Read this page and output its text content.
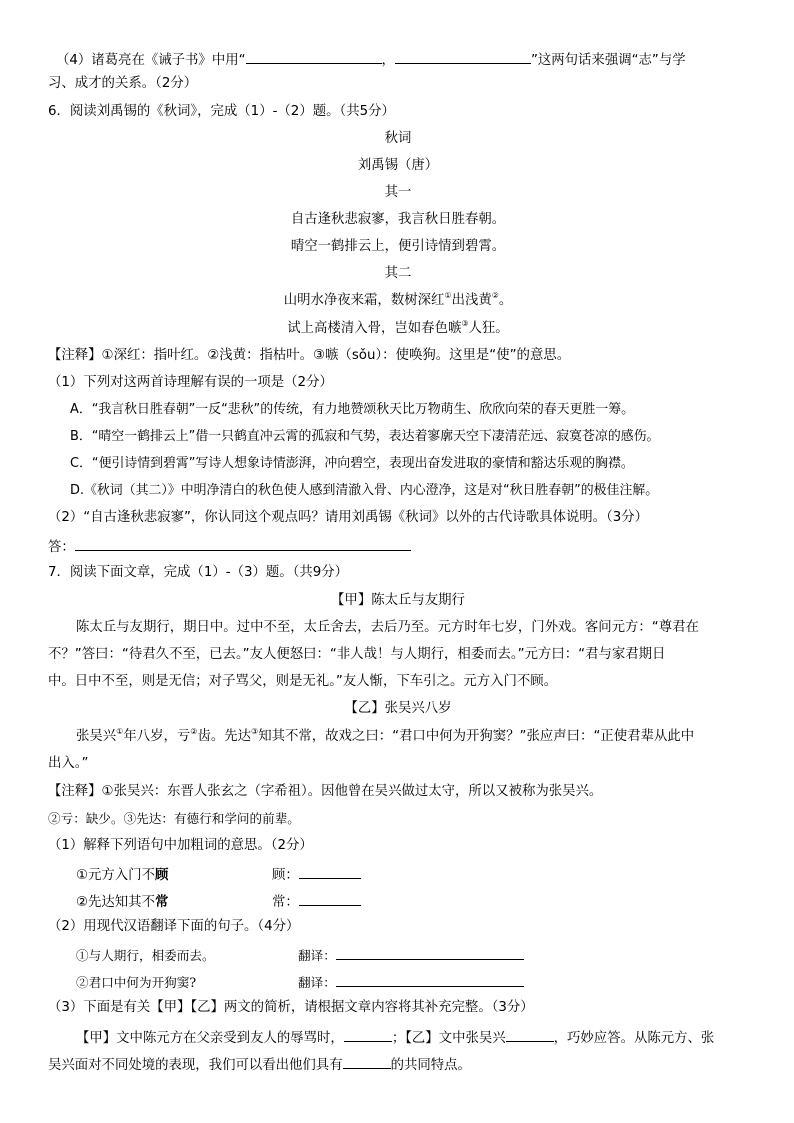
（4）诸葛亮在《诫子书》中用“	，	”这两句话来强调“志”与学
习、成才的关系。（2分）
6．阅读刘禹锡的《秋词》，完成（1）-（2）题。（共5分）
秋词
刘禹锡（唐）
其一
自古逢秋悲寂寥，我言秋日胜春朝。
晴空一鹤排云上，便引诗情到碧霄。
其二
山明水净夜来霜，数树深红①出浅黄②。
试上高楼清入骨，岂如春色嗾③人狂。
【注释】①深红：指叶红。②浅黄：指枯叶。③嗾（sǒu）：使唤狗。这里是“使”的意思。
（1）下列对这两首诗理解有误的一项是（2分）
A．“我言秋日胜春朝”一反“悲秋”的传统，有力地赞颂秋天比万物萌生、欣欣向荣的春天更胜一筹。
B．“晴空一鹤排云上”借一只鹤直冲云霄的孤寂和气势，表达着寥廓天空下凄清茫远、寂寞苍凉的感伤。
C．“便引诗情到碧霄”写诗人想象诗情澎湃，冲向碧空，表现出奋发进取的豪情和豁达乐观的胸襟。
D.《秋词（其二）》中明净清白的秋色使人感到清澈入骨、内心澄净，这是对“秋日胜春朝”的极佳注解。
（2）“自古逢秋悲寂寥”，你认同这个观点吗？请用刘禹锡《秋词》以外的古代诗歌具体说明。（3分）
答：
7．阅读下面文章，完成（1）-（3）题。（共9分）
【甲】陈太丘与友期行
陈太丘与友期行，期日中。过中不至，太丘舍去，去后乃至。元方时年七岁，门外戏。客问元方：“尊君在
不？”答曰：“待君久不至，已去。”友人便怒曰：“非人哉！与人期行，相委而去。”元方曰：“君与家君期日
中。日中不至，则是无信；对子骂父，则是无礼。”友人惭，下车引之。元方入门不顾。
【乙】张吴兴八岁
张吴兴①年八岁，亏②齿。先达③知其不常，故戏之曰：“君口中何为开狗窦？”张应声曰：“正使君辈从此中
出入。”
【注释】①张吴兴：东晋人张玄之（字希祖）。因他曾在吴兴做过太守，所以又被称为张吴兴。
②亏：缺少。③先达：有德行和学问的前辈。
（1）解释下列语句中加粗词的意思。（2分）
①元方入门不顾	顾：
②先达知其不常	常：
（2）用现代汉语翻译下面的句子。（4分）
①与人期行，相委而去。	翻译：
②君口中何为开狗窦?	翻译：
（3）下面是有关【甲】【乙】两文的简析，请根据文章内容将其补充完整。（3分）
【甲】文中陈元方在父亲受到友人的辱骂时，	；【乙】文中张吴兴	，巧妙应答。从陈元方、张
吴兴面对不同处境的表现，我们可以看出他们具有	的共同特点。
